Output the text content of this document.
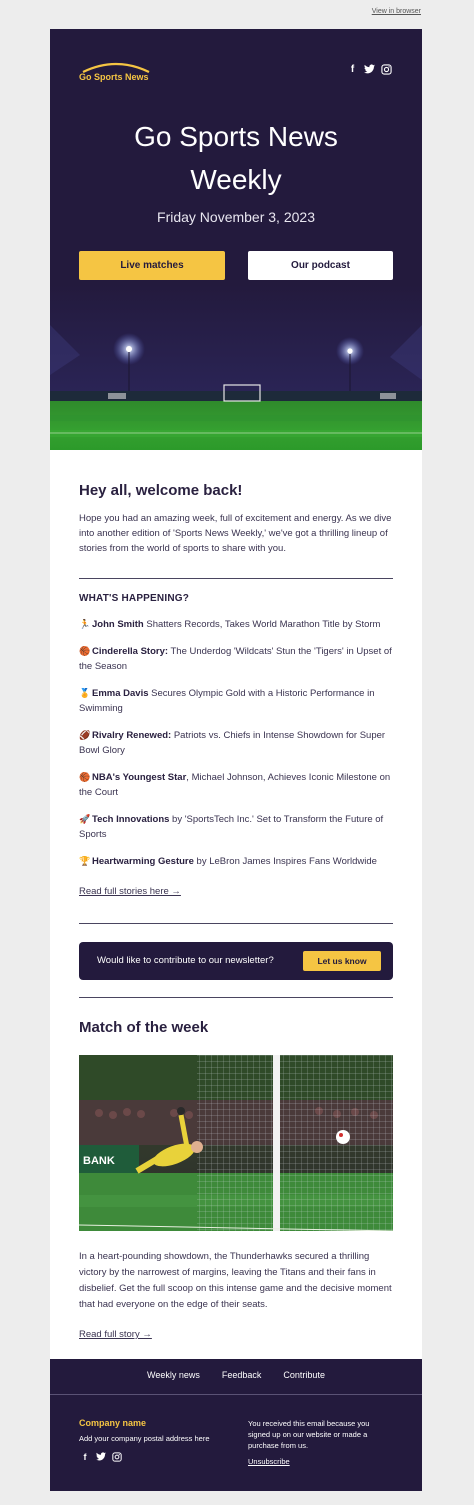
View in browser
Go Sports News
f
Go Sports News
Weekly
Friday November 3, 2023
Live matches	Our podcast
Hey all, welcome back!

Hope you had an amazing week, full of excitement and energy. As we dive into another edition of 'Sports News Weekly,' we've got a thrilling lineup of stories from the world of sports to share with you.

WHAT'S HAPPENING?
🏃 John Smith Shatters Records, Takes World Marathon Title by Storm
🏀 Cinderella Story: The Underdog 'Wildcats' Stun the 'Tigers' in Upset of the Season
🏅 Emma Davis Secures Olympic Gold with a Historic Performance in Swimming
🏈 Rivalry Renewed: Patriots vs. Chiefs in Intense Showdown for Super Bowl Glory
🏀 NBA's Youngest Star, Michael Johnson, Achieves Iconic Milestone on the Court
🚀 Tech Innovations by 'SportsTech Inc.' Set to Transform the Future of Sports
🏆 Heartwarming Gesture by LeBron James Inspires Fans Worldwide
Read full stories here →
Would like to contribute to our newsletter?	Let us know
Match of the week
BANK

In a heart-pounding showdown, the Thunderhawks secured a thrilling victory by the narrowest of margins, leaving the Titans and their fans in disbelief. Get the full scoop on this intense game and the decisive moment that had everyone on the edge of their seats.

Read full story →
Weekly news Feedback Contribute
Company name
Add your company postal address here
f
You received this email because you signed up on our website or made a purchase from us.
Unsubscribe
